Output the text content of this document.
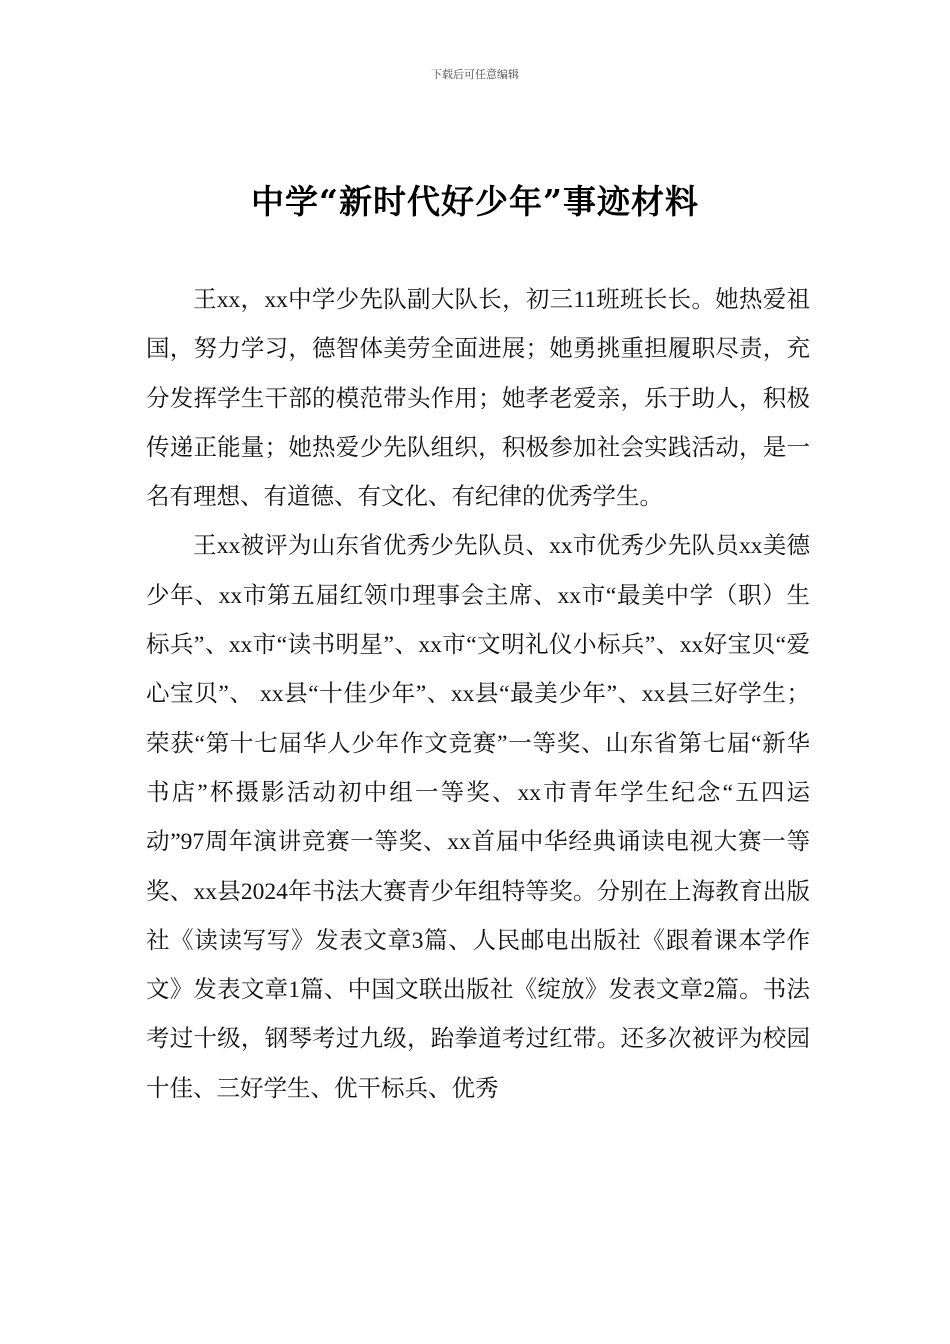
下载后可任意编辑
中学“新时代好少年”事迹材料

王xx，xx中学少先队副大队长，初三11班班长长。她热爱祖国，努力学习，德智体美劳全面进展；她勇挑重担履职尽责，充分发挥学生干部的模范带头作用；她孝老爱亲，乐于助人，积极传递正能量；她热爱少先队组织，积极参加社会实践活动，是一名有理想、有道德、有文化、有纪律的优秀学生。

王xx被评为山东省优秀少先队员、xx市优秀少先队员xx美德少年、xx市第五届红领巾理事会主席、xx市“最美中学（职）生标兵”、xx市“读书明星”、xx市“文明礼仪小标兵”、xx好宝贝“爱心宝贝”、 xx县“十佳少年”、xx县“最美少年”、xx县三好学生；荣获“第十七届华人少年作文竞赛”一等奖、山东省第七届“新华书店”杯摄影活动初中组一等奖、xx市青年学生纪念“五四运动”97周年演讲竞赛一等奖、xx首届中华经典诵读电视大赛一等奖、xx县2024年书法大赛青少年组特等奖。分别在上海教育出版社《读读写写》发表文章3篇、人民邮电出版社《跟着课本学作文》发表文章1篇、中国文联出版社《绽放》发表文章2篇。书法考过十级，钢琴考过九级，跆拳道考过红带。还多次被评为校园十佳、三好学生、优干标兵、优秀
